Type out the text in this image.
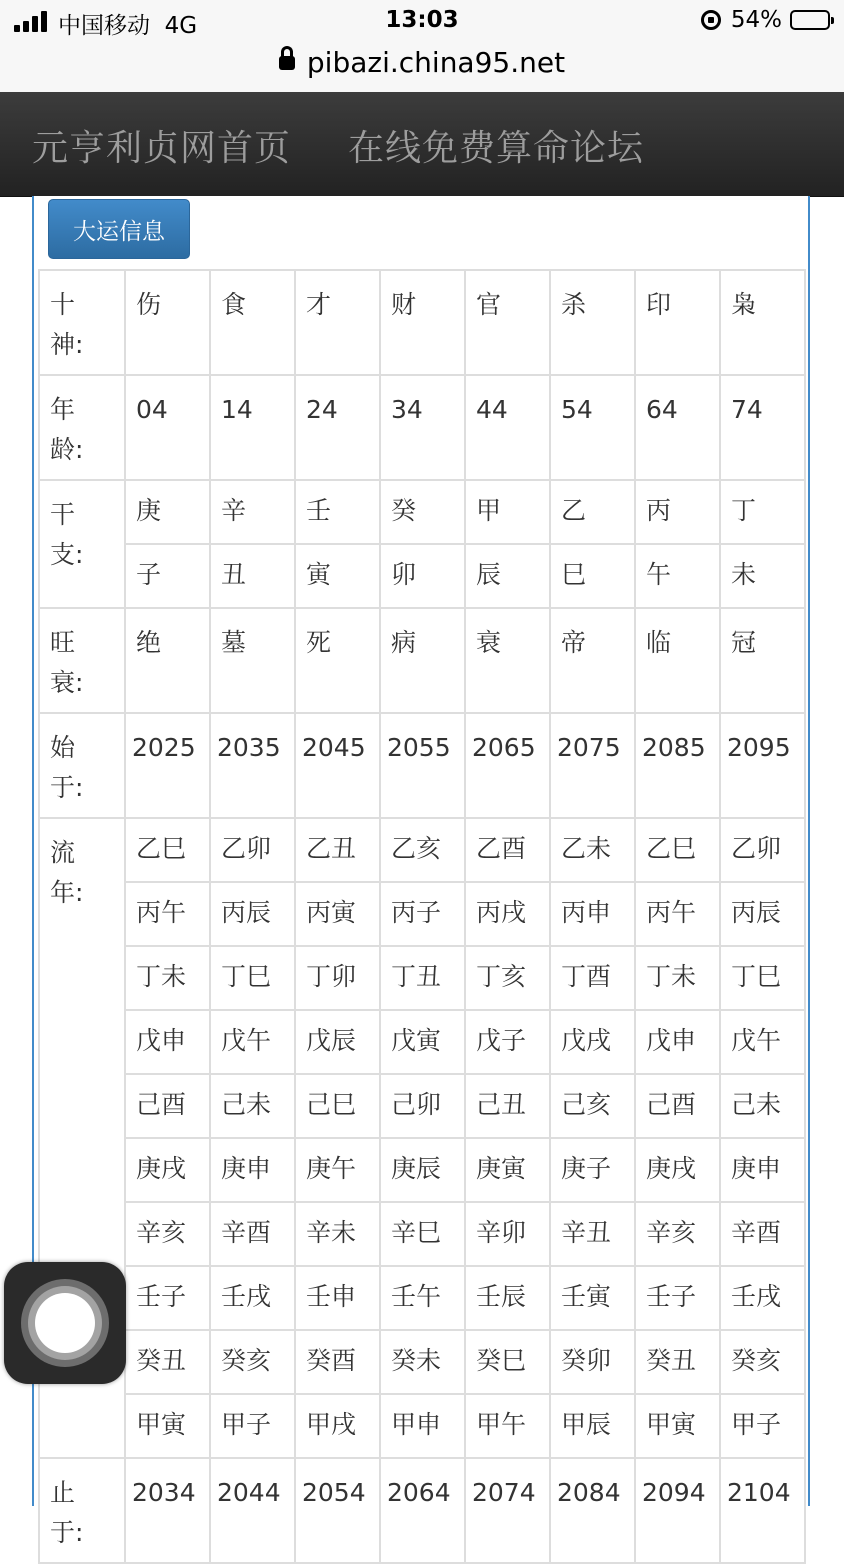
中国移动 4G	13:03	54%
pibazi.china95.net
元亨利贞网首页 在线免费算命论坛
大运信息
十神:	伤	食	才	财	官	杀	印	枭

年龄:	04	14	24	34	44	54	64	74

干支:	庚	辛	壬	癸	甲	乙	丙	丁

	子	丑	寅	卯	辰	巳	午	未

旺衰:	绝	墓	死	病	衰	帝	临	冠

始于:	2025	2035	2045	2055	2065	2075	2085	2095

流年:	乙巳	乙卯	乙丑	乙亥	乙酉	乙未	乙巳	乙卯

	丙午	丙辰	丙寅	丙子	丙戌	丙申	丙午	丙辰

	丁未	丁巳	丁卯	丁丑	丁亥	丁酉	丁未	丁巳

	戊申	戊午	戊辰	戊寅	戊子	戊戌	戊申	戊午

	己酉	己未	己巳	己卯	己丑	己亥	己酉	己未

	庚戌	庚申	庚午	庚辰	庚寅	庚子	庚戌	庚申

	辛亥	辛酉	辛未	辛巳	辛卯	辛丑	辛亥	辛酉

	壬子	壬戌	壬申	壬午	壬辰	壬寅	壬子	壬戌

	癸丑	癸亥	癸酉	癸未	癸巳	癸卯	癸丑	癸亥

	甲寅	甲子	甲戌	甲申	甲午	甲辰	甲寅	甲子

止于:	2034	2044	2054	2064	2074	2084	2094	2104
